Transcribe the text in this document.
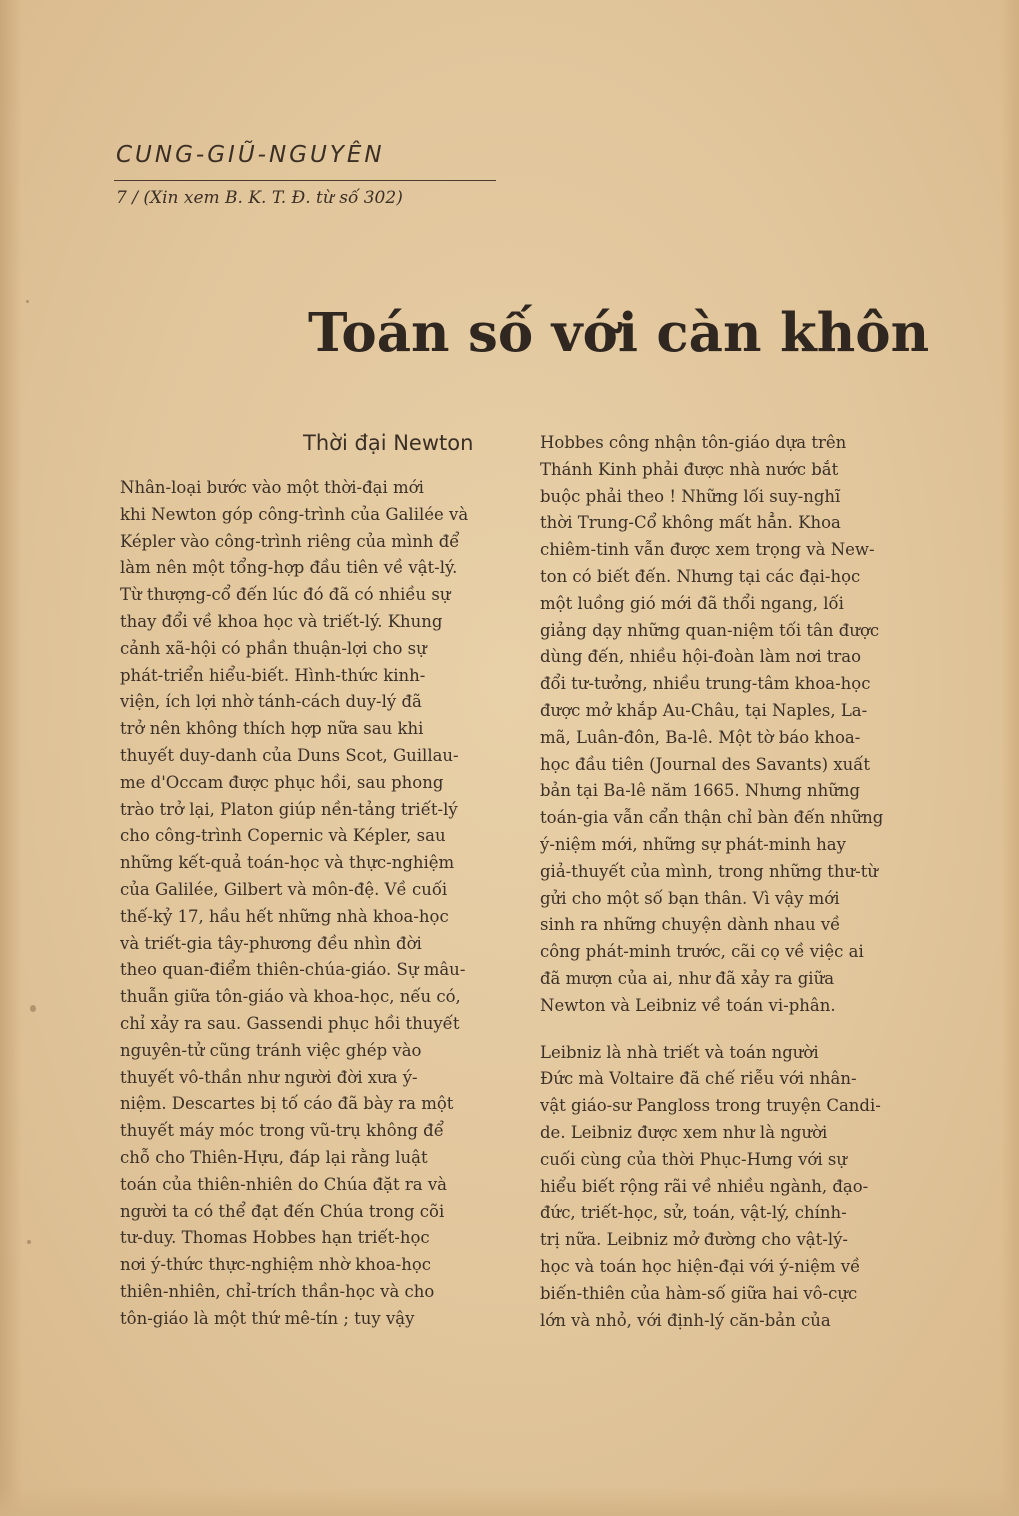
CUNG-GIŨ-NGUYÊN

7 / (Xin xem B. K. T. Đ. từ số 302)

Toán số với càn khôn
Thời đại Newton
Nhân-loại bước vào một thời-đại mới
khi Newton góp công-trình của Galilée và
Képler vào công-trình riêng của mình để
làm nên một tổng-hợp đầu tiên về vật-lý.
Từ thượng-cổ đến lúc đó đã có nhiều sự
thay đổi về khoa học và triết-lý. Khung
cảnh xã-hội có phần thuận-lợi cho sự
phát-triển hiểu-biết. Hình-thức kinh-
viện, ích lợi nhờ tánh-cách duy-lý đã
trở nên không thích hợp nữa sau khi
thuyết duy-danh của Duns Scot, Guillau-
me d'Occam được phục hồi, sau phong
trào trở lại, Platon giúp nền-tảng triết-lý
cho công-trình Copernic và Képler, sau
những kết-quả toán-học và thực-nghiệm
của Galilée, Gilbert và môn-đệ. Về cuối
thế-kỷ 17, hầu hết những nhà khoa-học
và triết-gia tây-phương đều nhìn đời
theo quan-điểm thiên-chúa-giáo. Sự mâu-
thuẫn giữa tôn-giáo và khoa-học, nếu có,
chỉ xảy ra sau. Gassendi phục hồi thuyết
nguyên-tử cũng tránh việc ghép vào
thuyết vô-thần như người đời xưa ý-
niệm. Descartes bị tố cáo đã bày ra một
thuyết máy móc trong vũ-trụ không để
chỗ cho Thiên-Hựu, đáp lại rằng luật
toán của thiên-nhiên do Chúa đặt ra và
người ta có thể đạt đến Chúa trong cõi
tư-duy. Thomas Hobbes hạn triết-học
nơi ý-thức thực-nghiệm nhờ khoa-học
thiên-nhiên, chỉ-trích thần-học và cho
tôn-giáo là một thứ mê-tín ; tuy vậy
Hobbes công nhận tôn-giáo dựa trên
Thánh Kinh phải được nhà nước bắt
buộc phải theo ! Những lối suy-nghĩ
thời Trung-Cổ không mất hẳn. Khoa
chiêm-tinh vẫn được xem trọng và New-
ton có biết đến. Nhưng tại các đại-học
một luồng gió mới đã thổi ngang, lối
giảng dạy những quan-niệm tối tân được
dùng đến, nhiều hội-đoàn làm nơi trao
đổi tư-tưởng, nhiều trung-tâm khoa-học
được mở khắp Au-Châu, tại Naples, La-
mã, Luân-đôn, Ba-lê. Một tờ báo khoa-
học đầu tiên (Journal des Savants) xuất
bản tại Ba-lê năm 1665. Nhưng những
toán-gia vẫn cẩn thận chỉ bàn đến những
ý-niệm mới, những sự phát-minh hay
giả-thuyết của mình, trong những thư-từ
gửi cho một số bạn thân. Vì vậy mới
sinh ra những chuyện dành nhau về
công phát-minh trước, cãi cọ về việc ai
đã mượn của ai, như đã xảy ra giữa
Newton và Leibniz về toán vi-phân.
Leibniz là nhà triết và toán người
Đức mà Voltaire đã chế riễu với nhân-
vật giáo-sư Pangloss trong truyện Candi-
de. Leibniz được xem như là người
cuối cùng của thời Phục-Hưng với sự
hiểu biết rộng rãi về nhiều ngành, đạo-
đức, triết-học, sử, toán, vật-lý, chính-
trị nữa. Leibniz mở đường cho vật-lý-
học và toán học hiện-đại với ý-niệm về
biến-thiên của hàm-số giữa hai vô-cực
lớn và nhỏ, với định-lý căn-bản của
